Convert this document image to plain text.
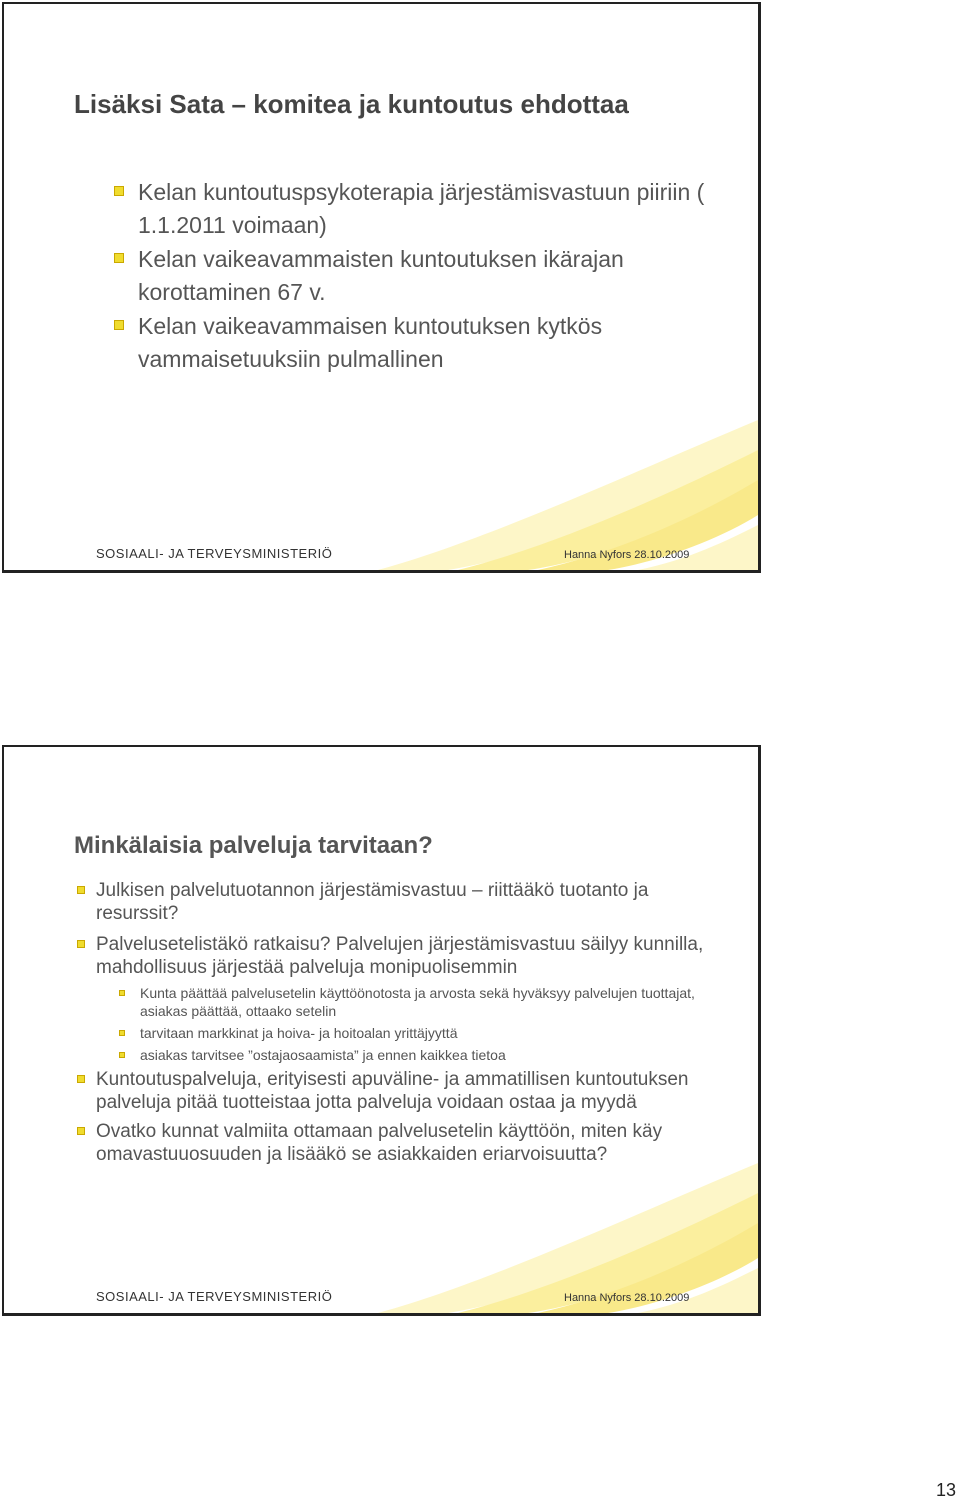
Lisäksi Sata – komitea ja kuntoutus ehdottaa
Kelan kuntoutuspsykoterapia järjestämisvastuun piiriin ( 1.1.2011 voimaan)
Kelan vaikeavammaisten kuntoutuksen ikärajan korottaminen 67 v.
Kelan vaikeavammaisen kuntoutuksen kytkös vammaisetuuksiin pulmallinen
SOSIAALI- JA TERVEYSMINISTERIÖ	Hanna Nyfors 28.10.2009
Minkälaisia palveluja tarvitaan?
Julkisen palvelutuotannon järjestämisvastuu – riittääkö tuotanto ja resurssit?
Palvelusetelistäkö ratkaisu? Palvelujen järjestämisvastuu säilyy kunnilla, mahdollisuus järjestää palveluja monipuolisemmin
Kunta päättää palvelusetelin käyttöönotosta ja arvosta sekä hyväksyy palvelujen tuottajat, asiakas päättää, ottaako setelin
tarvitaan markkinat ja hoiva- ja hoitoalan yrittäjyyttä
asiakas tarvitsee ”ostajaosaamista” ja ennen kaikkea tietoa
Kuntoutuspalveluja, erityisesti apuväline- ja ammatillisen kuntoutuksen palveluja pitää tuotteistaa jotta palveluja voidaan ostaa ja myydä
Ovatko kunnat valmiita ottamaan palvelusetelin käyttöön, miten käy omavastuuosuuden ja lisääkö se asiakkaiden eriarvoisuutta?
SOSIAALI- JA TERVEYSMINISTERIÖ	Hanna Nyfors 28.10.2009
13
